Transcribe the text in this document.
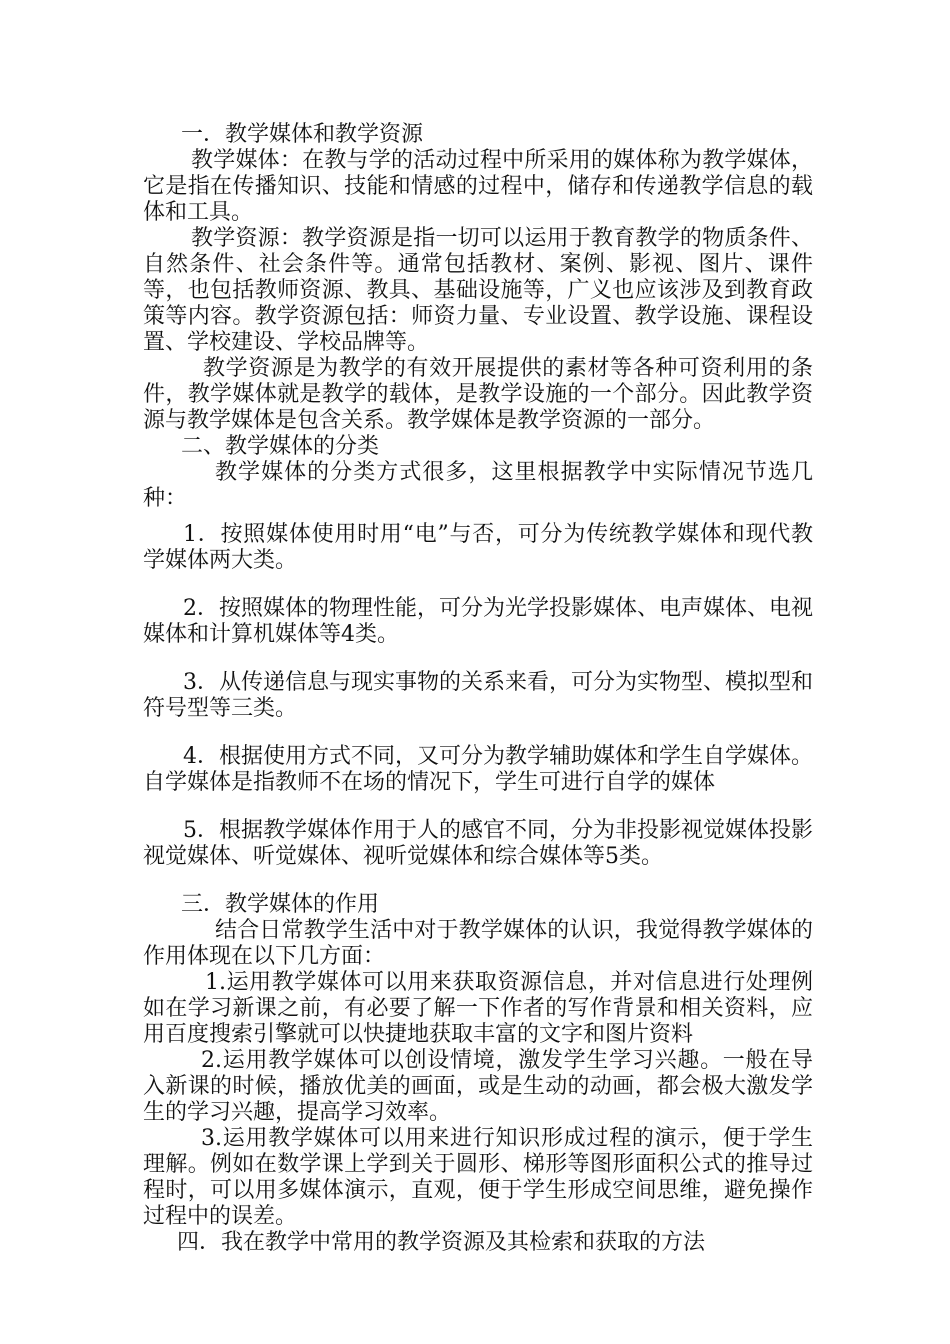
一．教学媒体和教学资源

教学媒体：在教与学的活动过程中所采用的媒体称为教学媒体，它是指在传播知识、技能和情感的过程中，储存和传递教学信息的载体和工具。

教学资源：教学资源是指一切可以运用于教育教学的物质条件、自然条件、社会条件等。通常包括教材、案例、影视、图片、课件等，也包括教师资源、教具、基础设施等，广义也应该涉及到教育政策等内容。教学资源包括：师资力量、专业设置、教学设施、课程设置、学校建设、学校品牌等。

教学资源是为教学的有效开展提供的素材等各种可资利用的条件，教学媒体就是教学的载体，是教学设施的一个部分。因此教学资源与教学媒体是包含关系。教学媒体是教学资源的一部分。

二、教学媒体的分类

教学媒体的分类方式很多，这里根据教学中实际情况节选几种：

1．按照媒体使用时用“电”与否，可分为传统教学媒体和现代教学媒体两大类。

2．按照媒体的物理性能，可分为光学投影媒体、电声媒体、电视媒体和计算机媒体等4类。

3．从传递信息与现实事物的关系来看，可分为实物型、模拟型和符号型等三类。

4．根据使用方式不同，又可分为教学辅助媒体和学生自学媒体。自学媒体是指教师不在场的情况下，学生可进行自学的媒体

5．根据教学媒体作用于人的感官不同，分为非投影视觉媒体投影视觉媒体、听觉媒体、视听觉媒体和综合媒体等5类。

三．教学媒体的作用

结合日常教学生活中对于教学媒体的认识，我觉得教学媒体的作用体现在以下几方面：

1.运用教学媒体可以用来获取资源信息，并对信息进行处理例如在学习新课之前，有必要了解一下作者的写作背景和相关资料，应用百度搜索引擎就可以快捷地获取丰富的文字和图片资料

2.运用教学媒体可以创设情境，激发学生学习兴趣。一般在导入新课的时候，播放优美的画面，或是生动的动画，都会极大激发学生的学习兴趣，提高学习效率。

3.运用教学媒体可以用来进行知识形成过程的演示，便于学生理解。例如在数学课上学到关于圆形、梯形等图形面积公式的推导过程时，可以用多媒体演示，直观，便于学生形成空间思维，避免操作过程中的误差。

四．我在教学中常用的教学资源及其检索和获取的方法
